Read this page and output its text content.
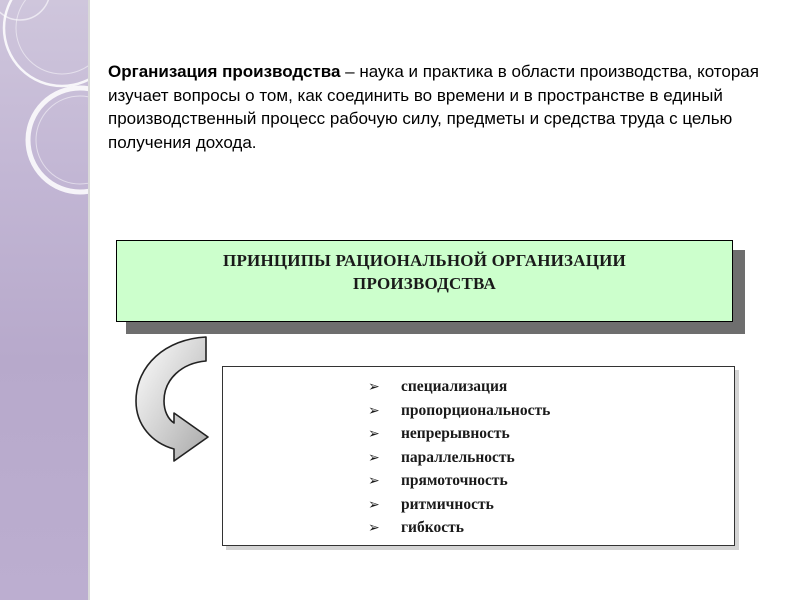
Организация производства – наука и практика в области производства, которая изучает вопросы о том, как соединить во времени и в пространстве в единый производственный процесс рабочую силу, предметы и средства труда с целью получения дохода.
ПРИНЦИПЫ РАЦИОНАЛЬНОЙ ОРГАНИЗАЦИИ
ПРОИЗВОДСТВА
➢ специализация
➢ пропорциональность
➢ непрерывность
➢ параллельность
➢ прямоточность
➢ ритмичность
➢ гибкость
